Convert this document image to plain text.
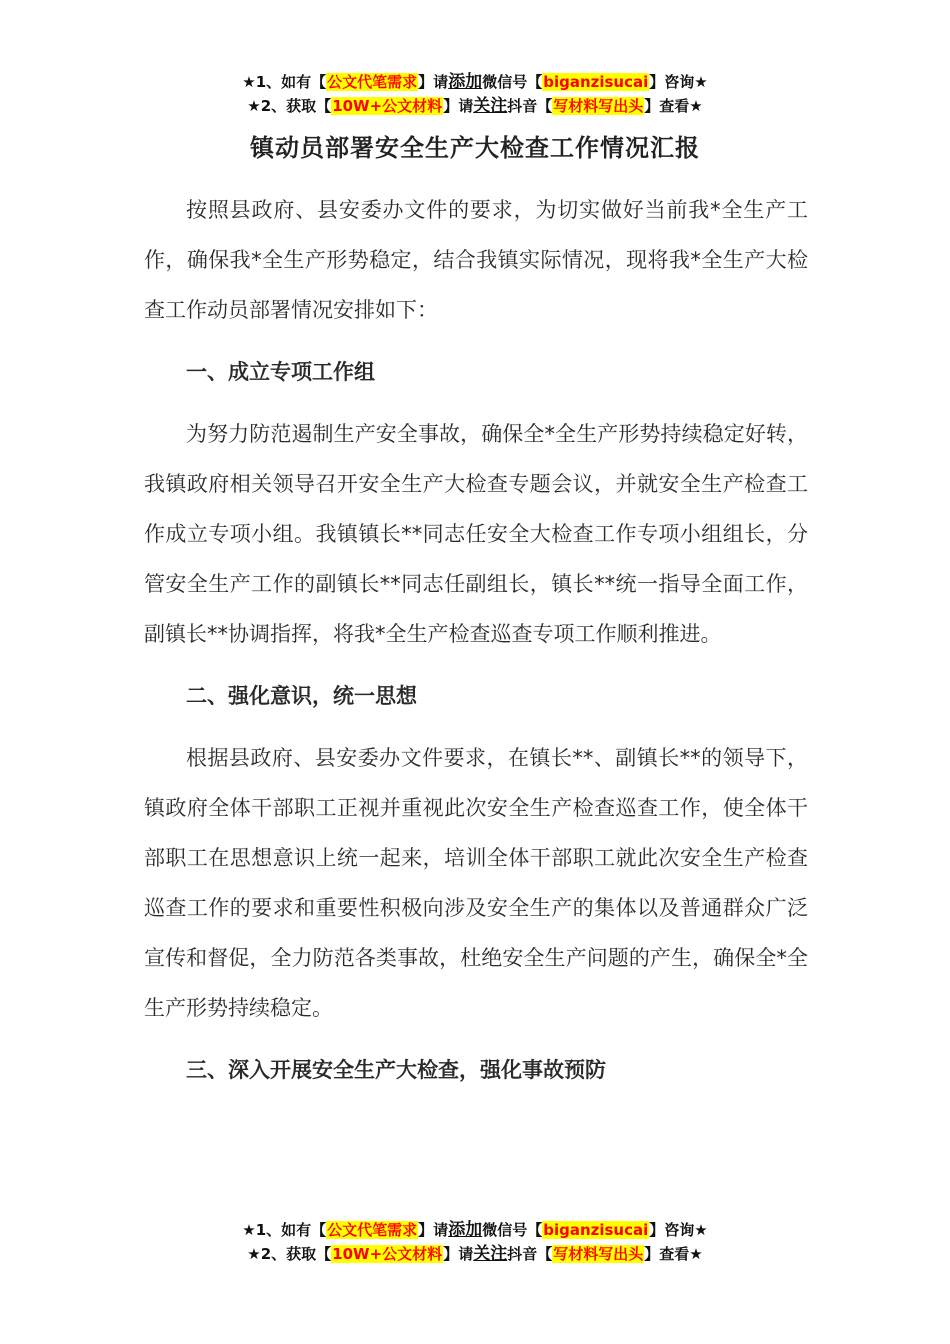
★1、如有【公文代笔需求】请添加微信号【biganzisucai】咨询★
★2、获取【10W+公文材料】请关注抖音【写材料写出头】查看★
镇动员部署安全生产大检查工作情况汇报

按照县政府、县安委办文件的要求，为切实做好当前我*全生产工作，确保我*全生产形势稳定，结合我镇实际情况，现将我*全生产大检查工作动员部署情况安排如下：

一、成立专项工作组

为努力防范遏制生产安全事故，确保全*全生产形势持续稳定好转，我镇政府相关领导召开安全生产大检查专题会议，并就安全生产检查工作成立专项小组。我镇镇长**同志任安全大检查工作专项小组组长，分管安全生产工作的副镇长**同志任副组长，镇长**统一指导全面工作，副镇长**协调指挥，将我*全生产检查巡查专项工作顺利推进。

二、强化意识，统一思想

根据县政府、县安委办文件要求，在镇长**、副镇长**的领导下，镇政府全体干部职工正视并重视此次安全生产检查巡查工作，使全体干部职工在思想意识上统一起来，培训全体干部职工就此次安全生产检查巡查工作的要求和重要性积极向涉及安全生产的集体以及普通群众广泛宣传和督促，全力防范各类事故，杜绝安全生产问题的产生，确保全*全生产形势持续稳定。

三、深入开展安全生产大检查，强化事故预防

★1、如有【公文代笔需求】请添加微信号【biganzisucai】咨询★
★2、获取【10W+公文材料】请关注抖音【写材料写出头】查看★
